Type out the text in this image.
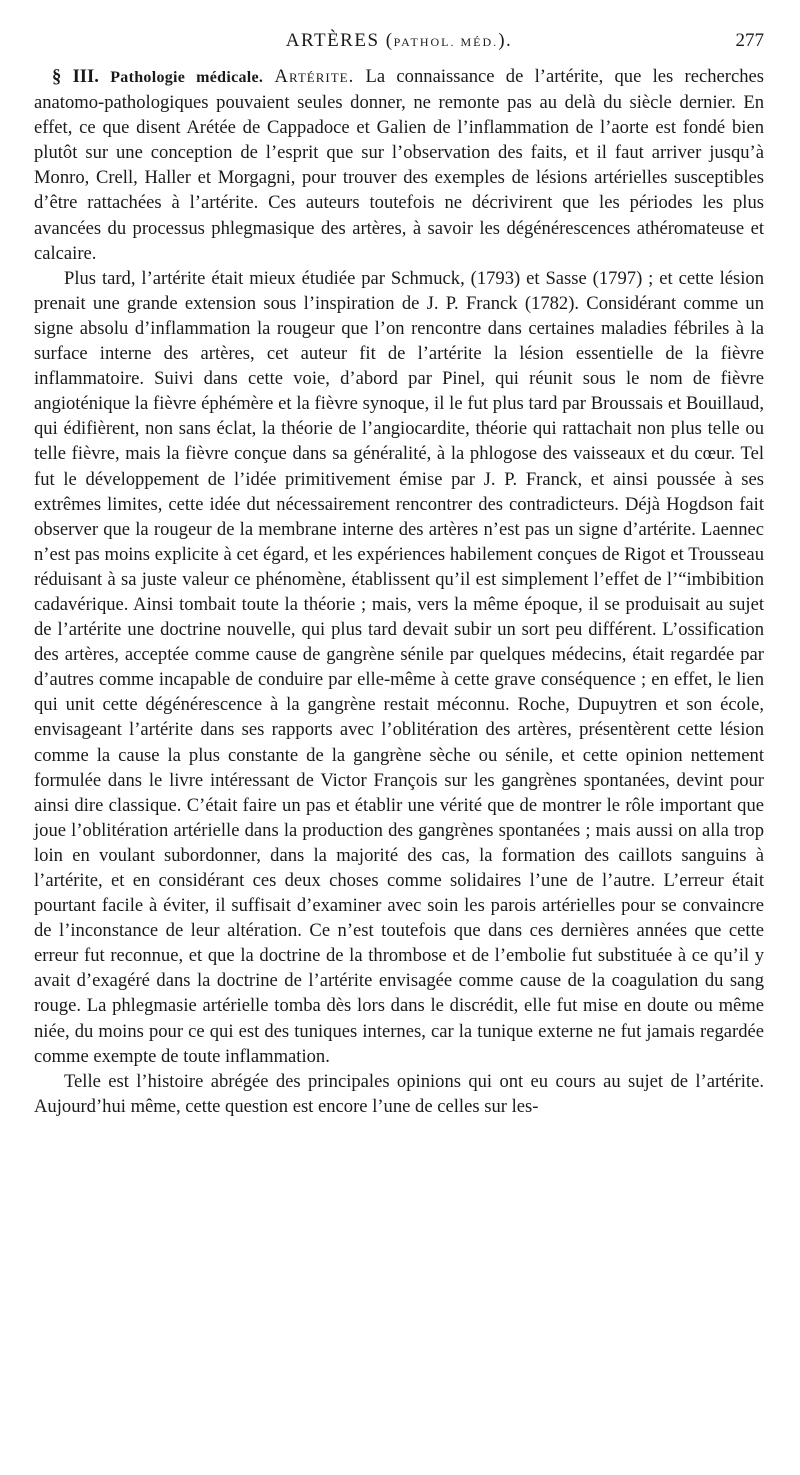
ARTÈRES (PATHOL. MÉD.).	277

§ III. Pathologie médicale. Artérite. La connaissance de l’artérite, que les recherches anatomo-pathologiques pouvaient seules donner, ne remonte pas au delà du siècle dernier. En effet, ce que disent Arétée de Cappadoce et Galien de l’inflammation de l’aorte est fondé bien plutôt sur une conception de l’esprit que sur l’observation des faits, et il faut arriver jusqu’à Monro, Crell, Haller et Morgagni, pour trouver des exemples de lésions artérielles susceptibles d’être rattachées à l’artérite. Ces auteurs toutefois ne décrivirent que les périodes les plus avancées du processus phlegmasique des artères, à savoir les dégénérescences athéromateuse et calcaire.

Plus tard, l’artérite était mieux étudiée par Schmuck, (1793) et Sasse (1797) ; et cette lésion prenait une grande extension sous l’inspiration de J. P. Franck (1782). Considérant comme un signe absolu d’inflammation la rougeur que l’on rencontre dans certaines maladies fébriles à la surface interne des artères, cet auteur fit de l’artérite la lésion essentielle de la fièvre inflammatoire. Suivi dans cette voie, d’abord par Pinel, qui réunit sous le nom de fièvre angioténique la fièvre éphémère et la fièvre synoque, il le fut plus tard par Broussais et Bouillaud, qui édifièrent, non sans éclat, la théorie de l’angiocardite, théorie qui rattachait non plus telle ou telle fièvre, mais la fièvre conçue dans sa généralité, à la phlogose des vaisseaux et du cœur. Tel fut le développement de l’idée primitivement émise par J. P. Franck, et ainsi poussée à ses extrêmes limites, cette idée dut nécessairement rencontrer des contradicteurs. Déjà Hogdson fait observer que la rougeur de la membrane interne des artères n’est pas un signe d’artérite. Laennec n’est pas moins explicite à cet égard, et les expériences habilement conçues de Rigot et Trousseau réduisant à sa juste valeur ce phénomène, établissent qu’il est simplement l’effet de l’“imbibition cadavérique. Ainsi tombait toute la théorie ; mais, vers la même époque, il se produisait au sujet de l’artérite une doctrine nouvelle, qui plus tard devait subir un sort peu différent. L’ossification des artères, acceptée comme cause de gangrène sénile par quelques médecins, était regardée par d’autres comme incapable de conduire par elle-même à cette grave conséquence ; en effet, le lien qui unit cette dégénérescence à la gangrène restait méconnu. Roche, Dupuytren et son école, envisageant l’artérite dans ses rapports avec l’oblitération des artères, présentèrent cette lésion comme la cause la plus constante de la gangrène sèche ou sénile, et cette opinion nettement formulée dans le livre intéressant de Victor François sur les gangrènes spontanées, devint pour ainsi dire classique. C’était faire un pas et établir une vérité que de montrer le rôle important que joue l’oblitération artérielle dans la production des gangrènes spontanées ; mais aussi on alla trop loin en voulant subordonner, dans la majorité des cas, la formation des caillots sanguins à l’artérite, et en considérant ces deux choses comme solidaires l’une de l’autre. L’erreur était pourtant facile à éviter, il suffisait d’examiner avec soin les parois artérielles pour se convaincre de l’inconstance de leur altération. Ce n’est toutefois que dans ces dernières années que cette erreur fut reconnue, et que la doctrine de la thrombose et de l’embolie fut substituée à ce qu’il y avait d’exagéré dans la doctrine de l’artérite envisagée comme cause de la coagulation du sang rouge. La phlegmasie artérielle tomba dès lors dans le discrédit, elle fut mise en doute ou même niée, du moins pour ce qui est des tuniques internes, car la tunique externe ne fut jamais regardée comme exempte de toute inflammation.

Telle est l’histoire abrégée des principales opinions qui ont eu cours au sujet de l’artérite. Aujourd’hui même, cette question est encore l’une de celles sur les-
